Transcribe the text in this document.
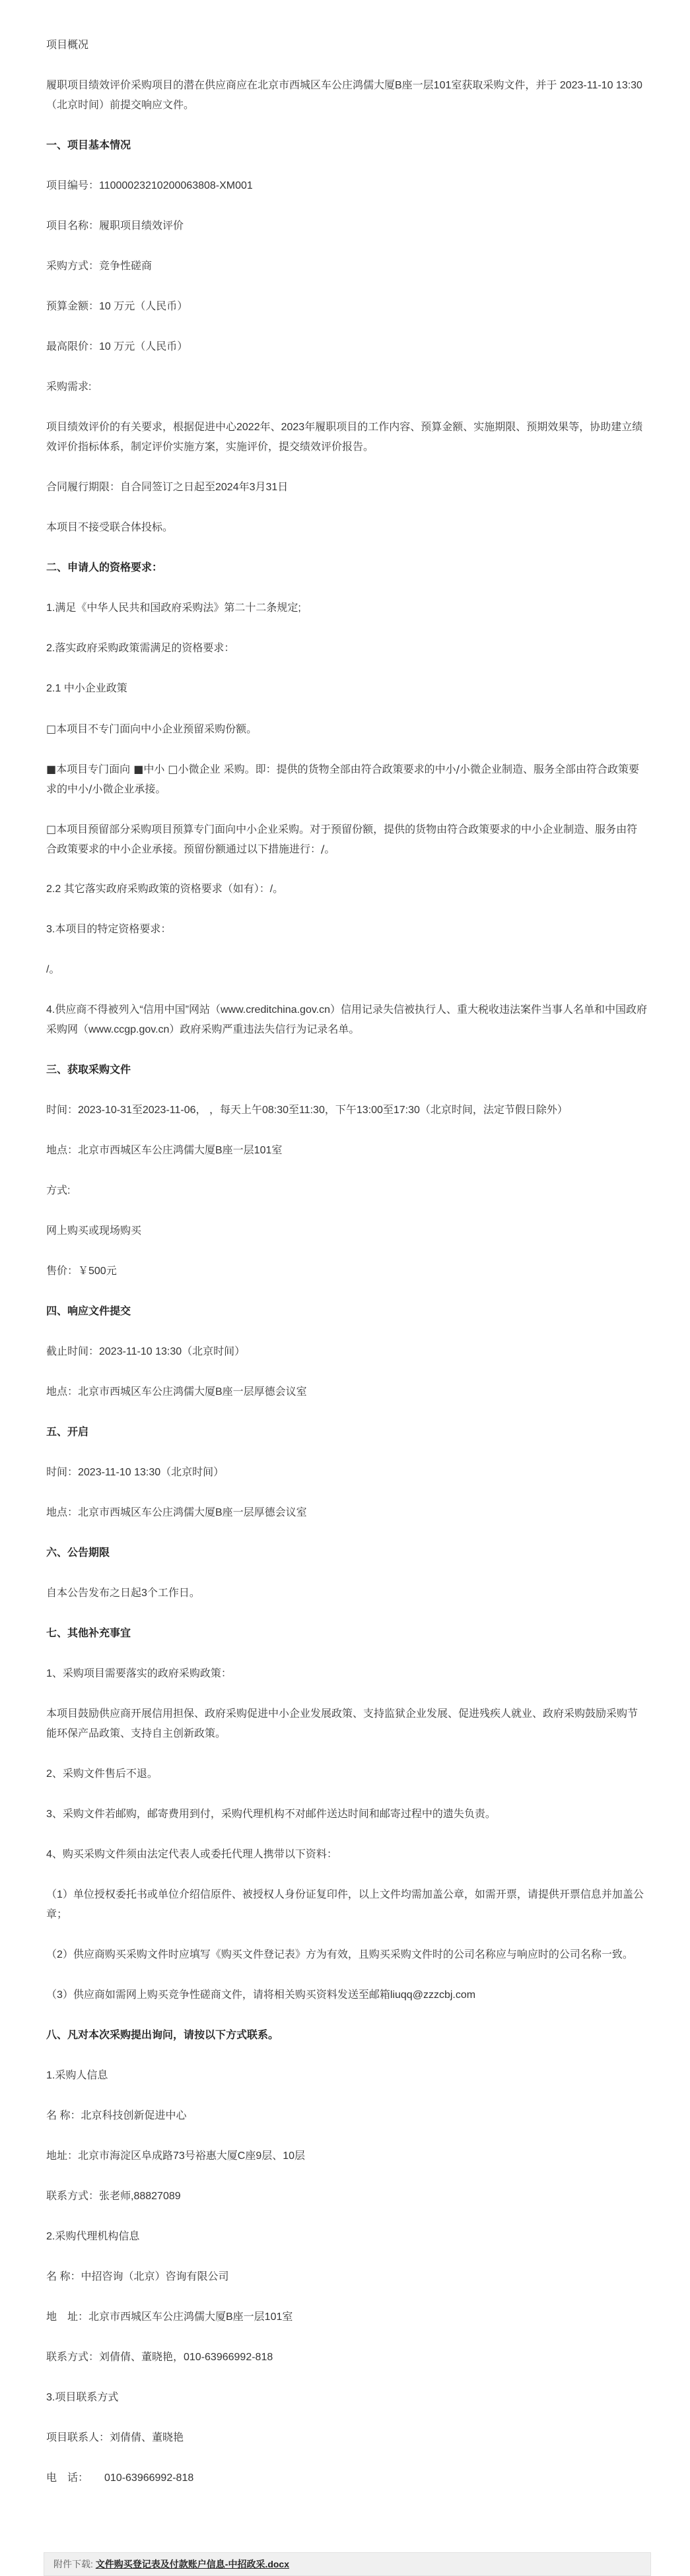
项目概况

履职项目绩效评价采购项目的潜在供应商应在北京市西城区车公庄鸿儒大厦B座一层101室获取采购文件，并于 2023-11-10 13:30（北京时间）前提交响应文件。

一、项目基本情况

项目编号：11000023210200063808-XM001

项目名称：履职项目绩效评价

采购方式：竞争性磋商

预算金额：10 万元（人民币）

最高限价：10 万元（人民币）

采购需求:

项目绩效评价的有关要求，根据促进中心2022年、2023年履职项目的工作内容、预算金额、实施期限、预期效果等，协助建立绩效评价指标体系，制定评价实施方案，实施评价，提交绩效评价报告。

合同履行期限：自合同签订之日起至2024年3月31日

本项目不接受联合体投标。

二、申请人的资格要求：

1.满足《中华人民共和国政府采购法》第二十二条规定;

2.落实政府采购政策需满足的资格要求：

2.1 中小企业政策

□本项目不专门面向中小企业预留采购份额。

■本项目专门面向 ■中小 □小微企业 采购。即：提供的货物全部由符合政策要求的中小/小微企业制造、服务全部由符合政策要求的中小/小微企业承接。

□本项目预留部分采购项目预算专门面向中小企业采购。对于预留份额，提供的货物由符合政策要求的中小企业制造、服务由符合政策要求的中小企业承接。预留份额通过以下措施进行：/。

2.2 其它落实政府采购政策的资格要求（如有）：/。

3.本项目的特定资格要求：

/。

4.供应商不得被列入“信用中国”网站（www.creditchina.gov.cn）信用记录失信被执行人、重大税收违法案件当事人名单和中国政府采购网（www.ccgp.gov.cn）政府采购严重违法失信行为记录名单。

三、获取采购文件

时间：2023-10-31至2023-11-06， ，每天上午08:30至11:30，下午13:00至17:30（北京时间，法定节假日除外）

地点：北京市西城区车公庄鸿儒大厦B座一层101室

方式:

网上购买或现场购买

售价：￥500元

四、响应文件提交

截止时间：2023-11-10 13:30（北京时间）

地点：北京市西城区车公庄鸿儒大厦B座一层厚德会议室

五、开启

时间：2023-11-10 13:30（北京时间）

地点：北京市西城区车公庄鸿儒大厦B座一层厚德会议室

六、公告期限

自本公告发布之日起3个工作日。

七、其他补充事宜

1、采购项目需要落实的政府采购政策：

本项目鼓励供应商开展信用担保、政府采购促进中小企业发展政策、支持监狱企业发展、促进残疾人就业、政府采购鼓励采购节能环保产品政策、支持自主创新政策。

2、采购文件售后不退。

3、采购文件若邮购，邮寄费用到付，采购代理机构不对邮件送达时间和邮寄过程中的遗失负责。

4、购买采购文件须由法定代表人或委托代理人携带以下资料：

（1）单位授权委托书或单位介绍信原件、被授权人身份证复印件，以上文件均需加盖公章，如需开票，请提供开票信息并加盖公章；

（2）供应商购买采购文件时应填写《购买文件登记表》方为有效，且购买采购文件时的公司名称应与响应时的公司名称一致。

（3）供应商如需网上购买竞争性磋商文件，请将相关购买资料发送至邮箱liuqq@zzzcbj.com

八、凡对本次采购提出询问，请按以下方式联系。

1.采购人信息

名 称：北京科技创新促进中心

地址：北京市海淀区阜成路73号裕惠大厦C座9层、10层

联系方式：张老师,88827089

2.采购代理机构信息

名 称：中招咨询（北京）咨询有限公司

地　址：北京市西城区车公庄鸿儒大厦B座一层101室

联系方式：刘倩倩、董晓艳，010-63966992-818

3.项目联系方式

项目联系人：刘倩倩、董晓艳

电　话：　　010-63966992-818

附件下载: 文件购买登记表及付款账户信息-中招政采.docx
